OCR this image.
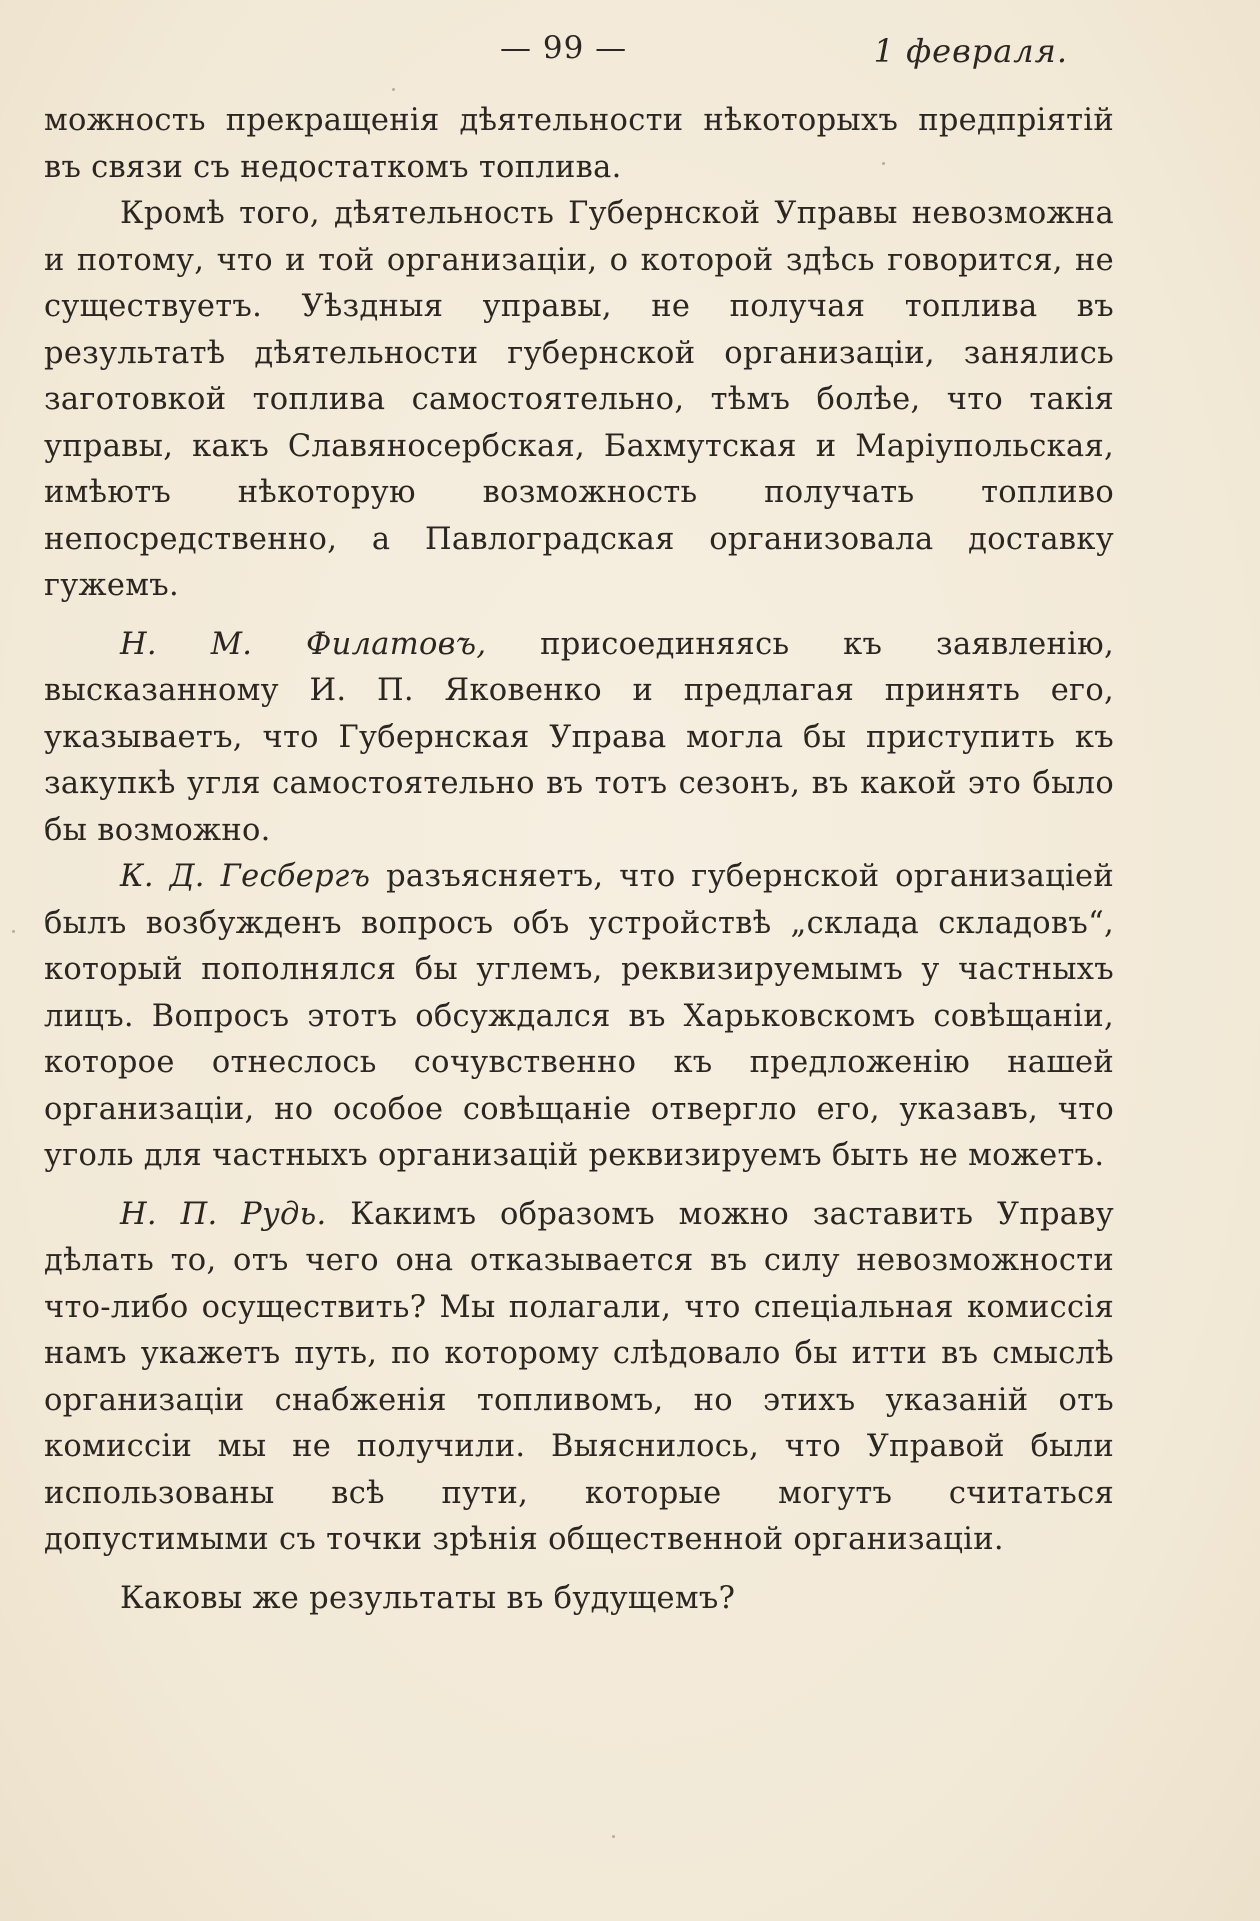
— 99 —	1 февраля.

можность прекращенія дѣятельности нѣкоторыхъ предпріятій въ связи съ недостаткомъ топлива.

Кромѣ того, дѣятельность Губернской Управы невозможна и потому, что и той организаціи, о которой здѣсь говорится, не существуетъ. Уѣздныя управы, не получая топлива въ результатѣ дѣятельности губернской организаціи, занялись заготовкой топлива самостоятельно, тѣмъ болѣе, что такія управы, какъ Славяносербская, Бахмутская и Маріупольская, имѣютъ нѣкоторую возможность получать топливо непосредственно, а Павлоградская организовала доставку гужемъ.

Н. М. Филатовъ, присоединяясь къ заявленію, высказанному И. П. Яковенко и предлагая принять его, указываетъ, что Губернская Управа могла бы приступить къ закупкѣ угля самостоятельно въ тотъ сезонъ, въ какой это было бы возможно.

К. Д. Гесбергъ разъясняетъ, что губернской организаціей былъ возбужденъ вопросъ объ устройствѣ „склада складовъ“, который пополнялся бы углемъ, реквизируемымъ у частныхъ лицъ. Вопросъ этотъ обсуждался въ Харьковскомъ совѣщаніи, которое отнеслось сочувственно къ предложенію нашей организаціи, но особое совѣщаніе отвергло его, указавъ, что уголь для частныхъ организацій реквизируемъ быть не можетъ.

Н. П. Рудь. Какимъ образомъ можно заставить Управу дѣлать то, отъ чего она отказывается въ силу невозможности что-либо осуществить? Мы полагали, что спеціальная комиссія намъ укажетъ путь, по которому слѣдовало бы итти въ смыслѣ организаціи снабженія топливомъ, но этихъ указаній отъ комиссіи мы не получили. Выяснилось, что Управой были использованы всѣ пути, которые могутъ считаться допустимыми съ точки зрѣнія общественной организаціи.

Каковы же результаты въ будущемъ?
